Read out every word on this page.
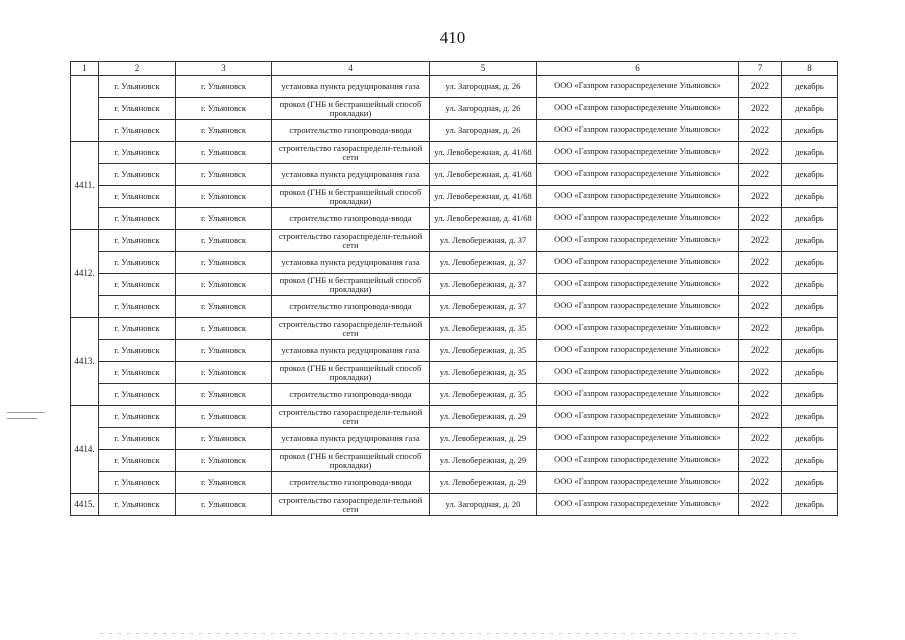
410
1	2	3	4	5	6	7	8
	г. Ульяновск	г. Ульяновск	установка пункта редуцирования газа	ул. Загородная, д. 26	ООО «Газпром газораспределение Ульяновск»	2022	декабрь
	г. Ульяновск	г. Ульяновск	прокол (ГНБ и бестраншейный способ прокладки)	ул. Загородная, д. 26	ООО «Газпром газораспределение Ульяновск»	2022	декабрь
	г. Ульяновск	г. Ульяновск	строительство газопровода-ввода	ул. Загородная, д. 26	ООО «Газпром газораспределение Ульяновск»	2022	декабрь
4411.	г. Ульяновск	г. Ульяновск	строительство газораспредели-тельной сети	ул. Левобережная, д. 41/68	ООО «Газпром газораспределение Ульяновск»	2022	декабрь
	г. Ульяновск	г. Ульяновск	установка пункта редуцирования газа	ул. Левобережная, д. 41/68	ООО «Газпром газораспределение Ульяновск»	2022	декабрь
	г. Ульяновск	г. Ульяновск	прокол (ГНБ и бестраншейный способ прокладки)	ул. Левобережная, д. 41/68	ООО «Газпром газораспределение Ульяновск»	2022	декабрь
	г. Ульяновск	г. Ульяновск	строительство газопровода-ввода	ул. Левобережная, д. 41/68	ООО «Газпром газораспределение Ульяновск»	2022	декабрь
4412.	г. Ульяновск	г. Ульяновск	строительство газораспредели-тельной сети	ул. Левобережная, д. 37	ООО «Газпром газораспределение Ульяновск»	2022	декабрь
	г. Ульяновск	г. Ульяновск	установка пункта редуцирования газа	ул. Левобережная, д. 37	ООО «Газпром газораспределение Ульяновск»	2022	декабрь
	г. Ульяновск	г. Ульяновск	прокол (ГНБ и бестраншейный способ прокладки)	ул. Левобережная, д. 37	ООО «Газпром газораспределение Ульяновск»	2022	декабрь
	г. Ульяновск	г. Ульяновск	строительство газопровода-ввода	ул. Левобережная, д. 37	ООО «Газпром газораспределение Ульяновск»	2022	декабрь
4413.	г. Ульяновск	г. Ульяновск	строительство газораспредели-тельной сети	ул. Левобережная, д. 35	ООО «Газпром газораспределение Ульяновск»	2022	декабрь
	г. Ульяновск	г. Ульяновск	установка пункта редуцирования газа	ул. Левобережная, д. 35	ООО «Газпром газораспределение Ульяновск»	2022	декабрь
	г. Ульяновск	г. Ульяновск	прокол (ГНБ и бестраншейный способ прокладки)	ул. Левобережная, д. 35	ООО «Газпром газораспределение Ульяновск»	2022	декабрь
	г. Ульяновск	г. Ульяновск	строительство газопровода-ввода	ул. Левобережная, д. 35	ООО «Газпром газораспределение Ульяновск»	2022	декабрь
4414.	г. Ульяновск	г. Ульяновск	строительство газораспредели-тельной сети	ул. Левобережная, д. 29	ООО «Газпром газораспределение Ульяновск»	2022	декабрь
	г. Ульяновск	г. Ульяновск	установка пункта редуцирования газа	ул. Левобережная, д. 29	ООО «Газпром газораспределение Ульяновск»	2022	декабрь
	г. Ульяновск	г. Ульяновск	прокол (ГНБ и бестраншейный способ прокладки)	ул. Левобережная, д. 29	ООО «Газпром газораспределение Ульяновск»	2022	декабрь
	г. Ульяновск	г. Ульяновск	строительство газопровода-ввода	ул. Левобережная, д. 29	ООО «Газпром газораспределение Ульяновск»	2022	декабрь
4415.	г. Ульяновск	г. Ульяновск	строительство газораспредели-тельной сети	ул. Загородная, д. 20	ООО «Газпром газораспределение Ульяновск»	2022	декабрь
